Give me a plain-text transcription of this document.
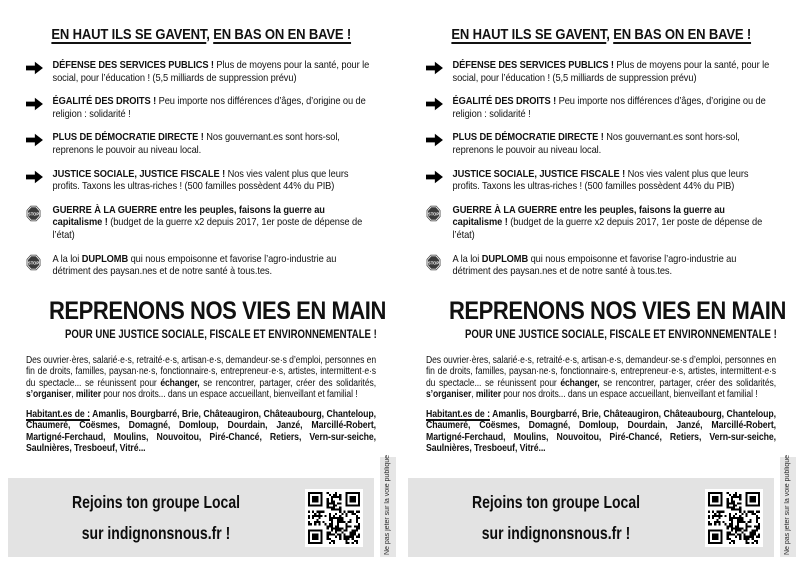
EN HAUT ILS SE GAVENT, EN BAS ON EN BAVE !

DÉFENSE DES SERVICES PUBLICS ! Plus de moyens pour la santé, pour le social, pour l’éducation ! (5,5 milliards de suppression prévu)

ÉGALITÉ DES DROITS ! Peu importe nos différences d’âges, d’origine ou de religion : solidarité !

PLUS DE DÉMOCRATIE DIRECTE ! Nos gouvernant.es sont hors-sol, reprenons le pouvoir au niveau local.

JUSTICE SOCIALE, JUSTICE FISCALE ! Nos vies valent plus que leurs profits. Taxons les ultras-riches ! (500 familles possèdent 44% du PIB)

STOP GUERRE À LA GUERRE entre les peuples, faisons la guerre au capitalisme ! (budget de la guerre x2 depuis 2017, 1er poste de dépense de l’état)

STOP A la loi DUPLOMB qui nous empoisonne et favorise l’agro-industrie au détriment des paysan.nes et de notre santé à tous.tes.

REPRENONS NOS VIES EN MAIN
POUR UNE JUSTICE SOCIALE, FISCALE ET ENVIRONNEMENTALE !

Des ouvrier·ères, salarié·e·s, retraité·e·s, artisan·e·s, demandeur·se·s d’emploi, personnes en fin de droits, familles, paysan·ne·s, fonctionnaire·s, entrepreneur·e·s, artistes, intermittent·e·s du spectacle... se réunissent pour échanger, se rencontrer, partager, créer des solidarités, s’organiser, militer pour nos droits... dans un espace accueillant, bienveillant et familial !

Habitant.es de : Amanlis, Bourgbarré, Brie, Châteaugiron, Châteaubourg, Chanteloup, Chaumeré, Coësmes, Domagné, Domloup, Dourdain, Janzé, Marcillé-Robert, Martigné-Ferchaud, Moulins, Nouvoitou, Piré-Chancé, Retiers, Vern-sur-seiche, Saulnières, Tresboeuf, Vitré...

Rejoins ton groupe Local
sur indignonsnous.fr !	Ne pas jeter sur la voie publique
EN HAUT ILS SE GAVENT, EN BAS ON EN BAVE !

DÉFENSE DES SERVICES PUBLICS ! Plus de moyens pour la santé, pour le social, pour l’éducation ! (5,5 milliards de suppression prévu)

ÉGALITÉ DES DROITS ! Peu importe nos différences d’âges, d’origine ou de religion : solidarité !

PLUS DE DÉMOCRATIE DIRECTE ! Nos gouvernant.es sont hors-sol, reprenons le pouvoir au niveau local.

JUSTICE SOCIALE, JUSTICE FISCALE ! Nos vies valent plus que leurs profits. Taxons les ultras-riches ! (500 familles possèdent 44% du PIB)

STOP GUERRE À LA GUERRE entre les peuples, faisons la guerre au capitalisme ! (budget de la guerre x2 depuis 2017, 1er poste de dépense de l’état)

STOP A la loi DUPLOMB qui nous empoisonne et favorise l’agro-industrie au détriment des paysan.nes et de notre santé à tous.tes.

REPRENONS NOS VIES EN MAIN
POUR UNE JUSTICE SOCIALE, FISCALE ET ENVIRONNEMENTALE !

Des ouvrier·ères, salarié·e·s, retraité·e·s, artisan·e·s, demandeur·se·s d’emploi, personnes en fin de droits, familles, paysan·ne·s, fonctionnaire·s, entrepreneur·e·s, artistes, intermittent·e·s du spectacle... se réunissent pour échanger, se rencontrer, partager, créer des solidarités, s’organiser, militer pour nos droits... dans un espace accueillant, bienveillant et familial !

Habitant.es de : Amanlis, Bourgbarré, Brie, Châteaugiron, Châteaubourg, Chanteloup, Chaumeré, Coësmes, Domagné, Domloup, Dourdain, Janzé, Marcillé-Robert, Martigné-Ferchaud, Moulins, Nouvoitou, Piré-Chancé, Retiers, Vern-sur-seiche, Saulnières, Tresboeuf, Vitré...

Rejoins ton groupe Local
sur indignonsnous.fr !	Ne pas jeter sur la voie publique
